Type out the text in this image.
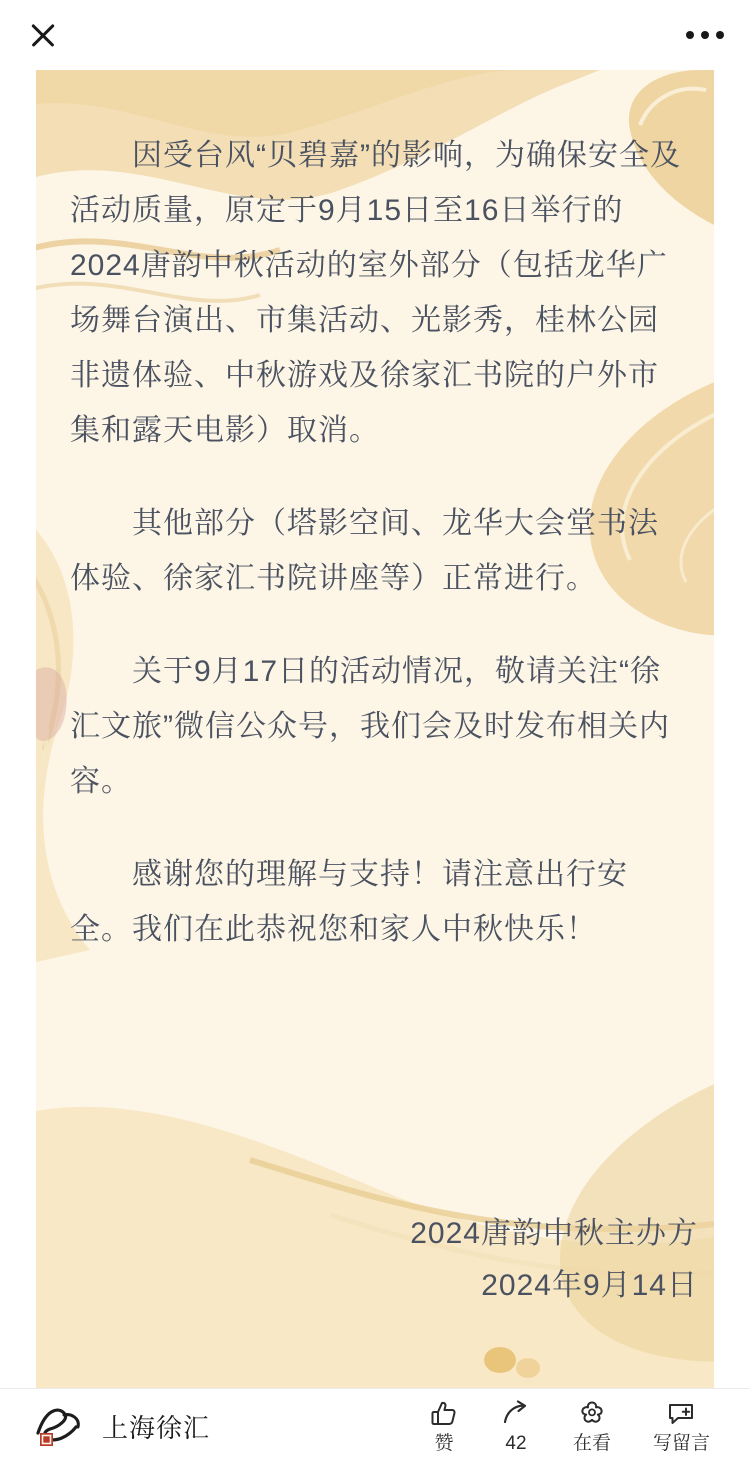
因受台风“贝碧嘉”的影响，为确保安全及活动质量，原定于9月15日至16日举行的2024唐韵中秋活动的室外部分（包括龙华广场舞台演出、市集活动、光影秀，桂林公园非遗体验、中秋游戏及徐家汇书院的户外市集和露天电影）取消。

其他部分（塔影空间、龙华大会堂书法体验、徐家汇书院讲座等）正常进行。

关于9月17日的活动情况，敬请关注“徐汇文旅”微信公众号，我们会及时发布相关内容。

感谢您的理解与支持！请注意出行安全。我们在此恭祝您和家人中秋快乐！

2024唐韵中秋主办方
2024年9月14日
上海徐汇
赞	42 在看 写留言
